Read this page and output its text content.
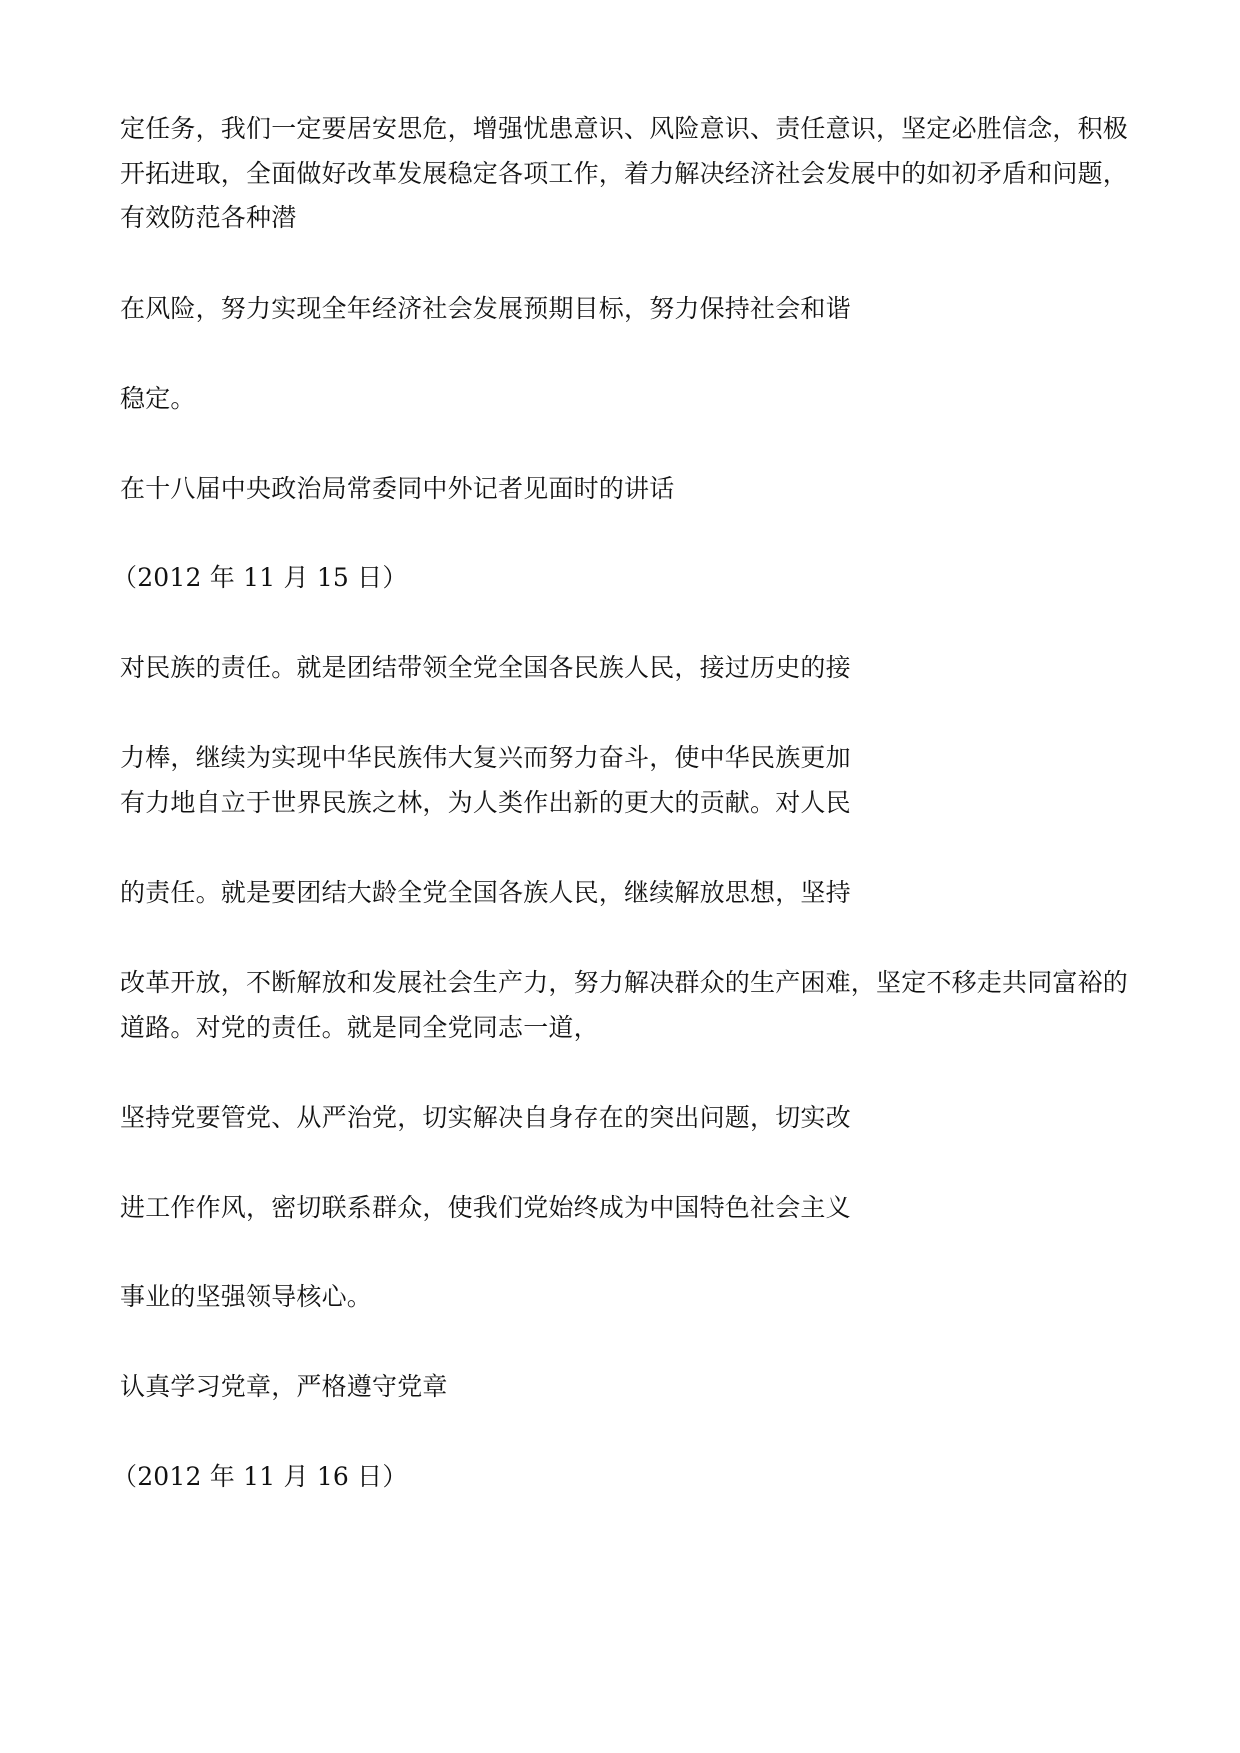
定任务，我们一定要居安思危，增强忧患意识、风险意识、责任意识，坚定必胜信念，积极
开拓进取，全面做好改革发展稳定各项工作，着力解决经济社会发展中的如初矛盾和问题，
有效防范各种潜
在风险，努力实现全年经济社会发展预期目标，努力保持社会和谐
稳定。
在十八届中央政治局常委同中外记者见面时的讲话
（2012 年 11 月 15 日）
对民族的责任。就是团结带领全党全国各民族人民，接过历史的接
力棒，继续为实现中华民族伟大复兴而努力奋斗，使中华民族更加
有力地自立于世界民族之林，为人类作出新的更大的贡献。对人民
的责任。就是要团结大龄全党全国各族人民，继续解放思想，坚持
改革开放，不断解放和发展社会生产力，努力解决群众的生产困难，坚定不移走共同富裕的
道路。对党的责任。就是同全党同志一道，
坚持党要管党、从严治党，切实解决自身存在的突出问题，切实改
进工作作风，密切联系群众，使我们党始终成为中国特色社会主义
事业的坚强领导核心。
认真学习党章，严格遵守党章
（2012 年 11 月 16 日）
